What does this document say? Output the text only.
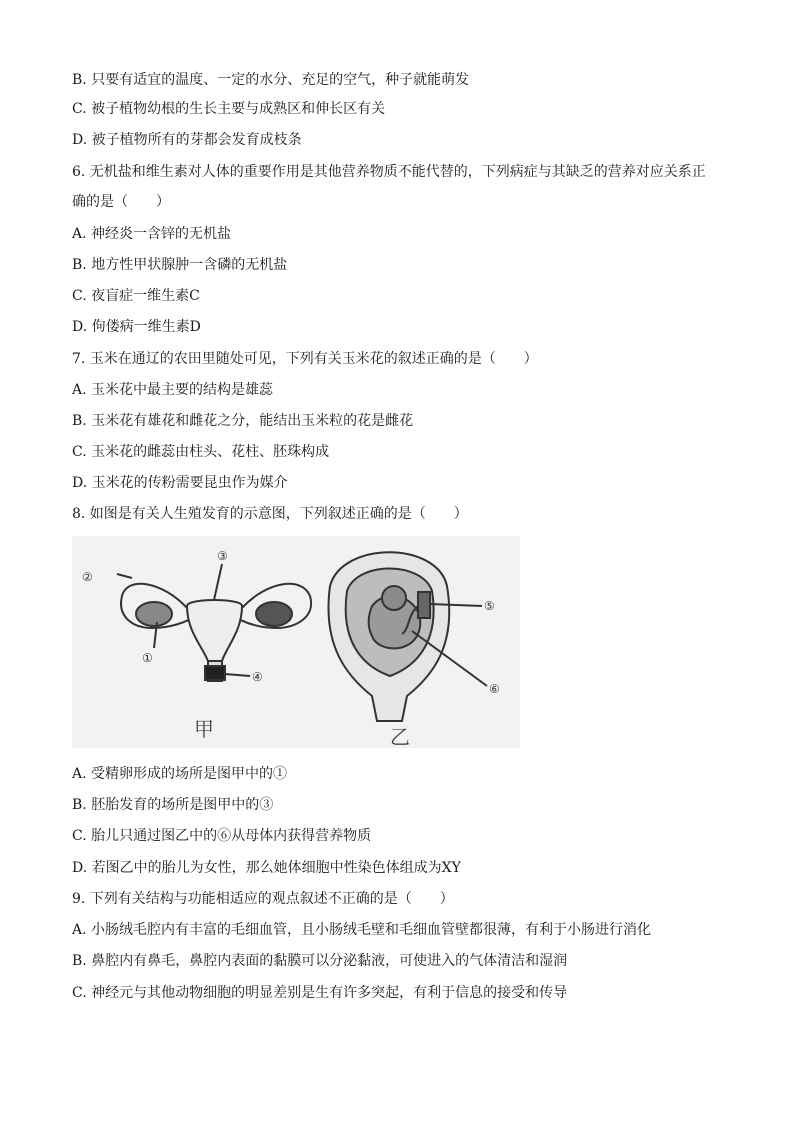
B. 只要有适宜的温度、一定的水分、充足的空气，种子就能萌发
C. 被子植物幼根的生长主要与成熟区和伸长区有关
D. 被子植物所有的芽都会发育成枝条
6. 无机盐和维生素对人体的重要作用是其他营养物质不能代替的，下列病症与其缺乏的营养对应关系正
确的是（　　）
A. 神经炎一含锌的无机盐
B. 地方性甲状腺肿一含磷的无机盐
C. 夜盲症一维生素C
D. 佝偻病一维生素D
7. 玉米在通辽的农田里随处可见，下列有关玉米花的叙述正确的是（　　）
A. 玉米花中最主要的结构是雄蕊
B. 玉米花有雄花和雌花之分，能结出玉米粒的花是雌花
C. 玉米花的雌蕊由柱头、花柱、胚珠构成
D. 玉米花的传粉需要昆虫作为媒介
8. 如图是有关人生殖发育的示意图，下列叙述正确的是（　　）
②
③
①
④
⑤
⑥
甲	乙
A. 受精卵形成的场所是图甲中的①
B. 胚胎发育的场所是图甲中的③
C. 胎儿只通过图乙中的⑥从母体内获得营养物质
D. 若图乙中的胎儿为女性，那么她体细胞中性染色体组成为XY
9. 下列有关结构与功能相适应的观点叙述不正确的是（　　）
A. 小肠绒毛腔内有丰富的毛细血管，且小肠绒毛壁和毛细血管壁都很薄，有利于小肠进行消化
B. 鼻腔内有鼻毛，鼻腔内表面的黏膜可以分泌黏液，可使进入的气体清洁和湿润
C. 神经元与其他动物细胞的明显差别是生有许多突起，有利于信息的接受和传导
